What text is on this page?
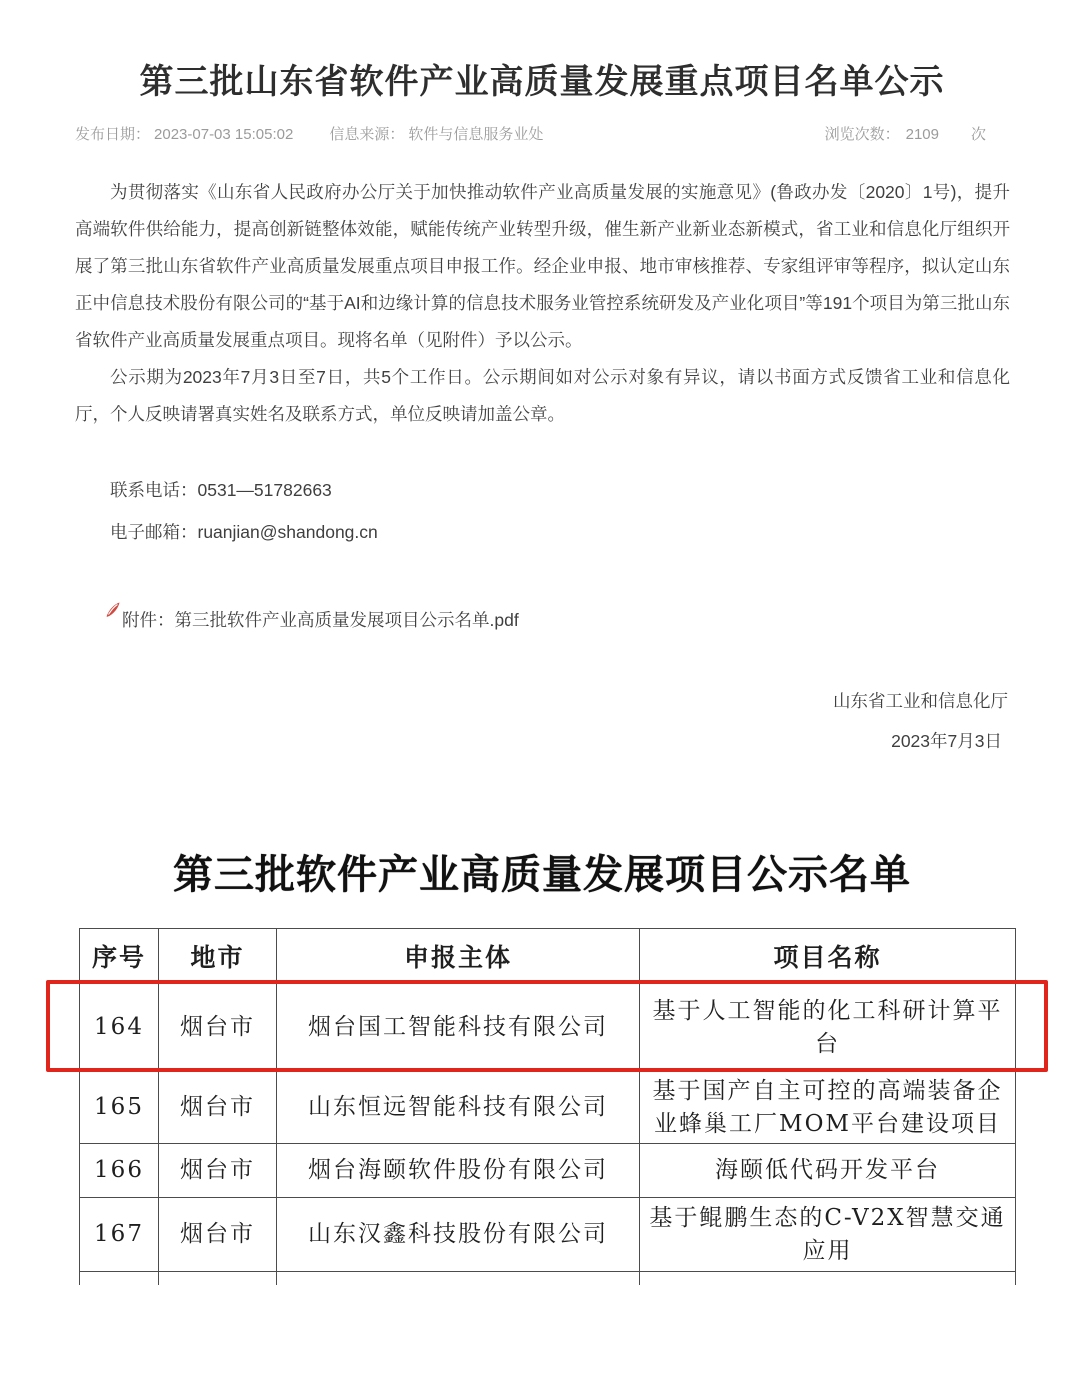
第三批山东省软件产业高质量发展重点项目名单公示
发布日期： 2023-07-03 15:05:02 信息来源： 软件与信息服务业处	浏览次数： 2109 次

为贯彻落实《山东省人民政府办公厅关于加快推动软件产业高质量发展的实施意见》(鲁政办发〔2020〕1号)，提升高端软件供给能力，提高创新链整体效能，赋能传统产业转型升级，催生新产业新业态新模式，省工业和信息化厅组织开展了第三批山东省软件产业高质量发展重点项目申报工作。经企业申报、地市审核推荐、专家组评审等程序，拟认定山东正中信息技术股份有限公司的“基于AI和边缘计算的信息技术服务业管控系统研发及产业化项目”等191个项目为第三批山东省软件产业高质量发展重点项目。现将名单（见附件）予以公示。

公示期为2023年7月3日至7日，共5个工作日。公示期间如对公示对象有异议，请以书面方式反馈省工业和信息化厅，个人反映请署真实姓名及联系方式，单位反映请加盖公章。

联系电话：0531—51782663

电子邮箱：ruanjian@shandong.cn

附件：第三批软件产业高质量发展项目公示名单.pdf

山东省工业和信息化厅
2023年7月3日
第三批软件产业高质量发展项目公示名单
序号	地市	申报主体	项目名称
164	烟台市	烟台国工智能科技有限公司	基于人工智能的化工科研计算平台
165	烟台市	山东恒远智能科技有限公司	基于国产自主可控的高端装备企业蜂巢工厂MOM平台建设项目
166	烟台市	烟台海颐软件股份有限公司	海颐低代码开发平台
167	烟台市	山东汉鑫科技股份有限公司	基于鲲鹏生态的C-V2X智慧交通应用
